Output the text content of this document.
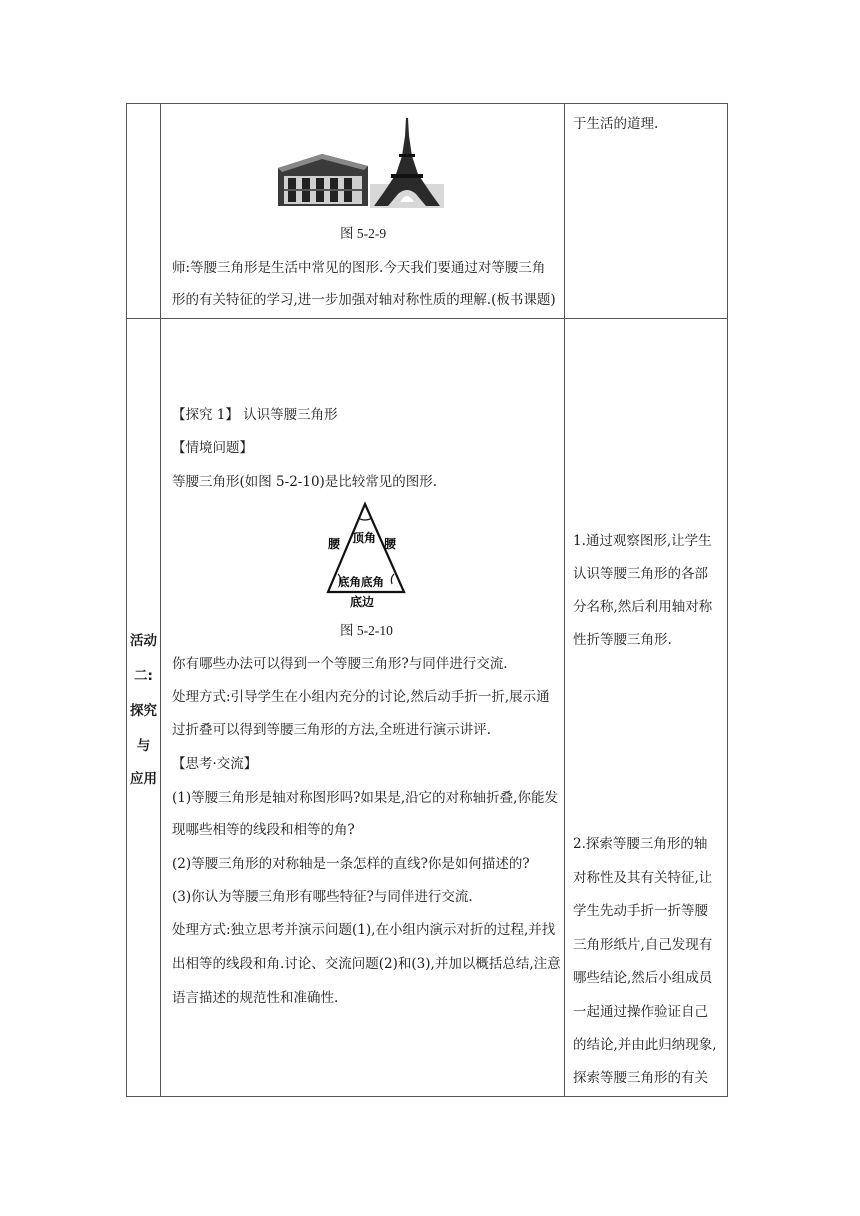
图 5-2-9
师:等腰三角形是生活中常见的图形.今天我们要通过对等腰三角
形的有关特征的学习,进一步加强对轴对称性质的理解.(板书课题)
于生活的道理.
活动
二:
探究
与
应用
【探究 1】 认识等腰三角形
【情境问题】
等腰三角形(如图 5-2-10)是比较常见的图形.
顶角
腰	腰
底角底角
底边
图 5-2-10
你有哪些办法可以得到一个等腰三角形?与同伴进行交流.
处理方式:引导学生在小组内充分的讨论,然后动手折一折,展示通
过折叠可以得到等腰三角形的方法,全班进行演示讲评.
【思考·交流】
(1)等腰三角形是轴对称图形吗?如果是,沿它的对称轴折叠,你能发
现哪些相等的线段和相等的角?
(2)等腰三角形的对称轴是一条怎样的直线?你是如何描述的?
(3)你认为等腰三角形有哪些特征?与同伴进行交流.
处理方式:独立思考并演示问题(1),在小组内演示对折的过程,并找
出相等的线段和角.讨论、交流问题(2)和(3),并加以概括总结,注意
语言描述的规范性和准确性.
1.通过观察图形,让学生
认识等腰三角形的各部
分名称,然后利用轴对称
性折等腰三角形.
2.探索等腰三角形的轴
对称性及其有关特征,让
学生先动手折一折等腰
三角形纸片,自己发现有
哪些结论,然后小组成员
一起通过操作验证自己
的结论,并由此归纳现象,
探索等腰三角形的有关
